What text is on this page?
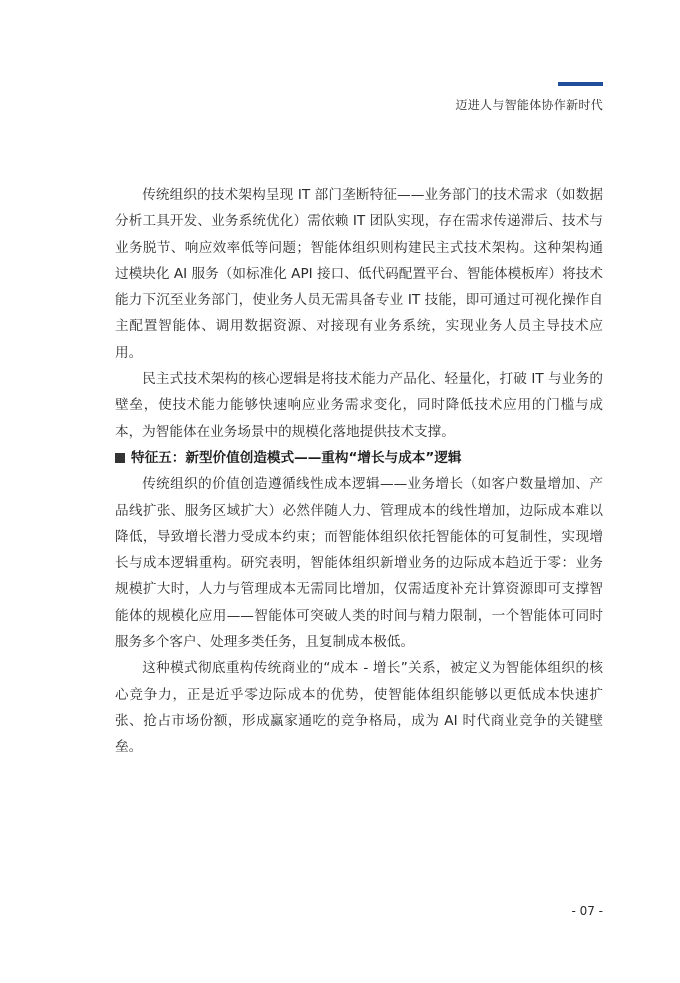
迈进人与智能体协作新时代

传统组织的技术架构呈现 IT 部门垄断特征——业务部门的技术需求（如数据分析工具开发、业务系统优化）需依赖 IT 团队实现，存在需求传递滞后、技术与业务脱节、响应效率低等问题；智能体组织则构建民主式技术架构。这种架构通过模块化 AI 服务（如标准化 API 接口、低代码配置平台、智能体模板库）将技术能力下沉至业务部门，使业务人员无需具备专业 IT 技能，即可通过可视化操作自主配置智能体、调用数据资源、对接现有业务系统，实现业务人员主导技术应用。

民主式技术架构的核心逻辑是将技术能力产品化、轻量化，打破 IT 与业务的壁垒，使技术能力能够快速响应业务需求变化，同时降低技术应用的门槛与成本，为智能体在业务场景中的规模化落地提供技术支撑。

特征五：新型价值创造模式——重构“增长与成本”逻辑

传统组织的价值创造遵循线性成本逻辑——业务增长（如客户数量增加、产品线扩张、服务区域扩大）必然伴随人力、管理成本的线性增加，边际成本难以降低，导致增长潜力受成本约束；而智能体组织依托智能体的可复制性，实现增长与成本逻辑重构。研究表明，智能体组织新增业务的边际成本趋近于零：业务规模扩大时，人力与管理成本无需同比增加，仅需适度补充计算资源即可支撑智能体的规模化应用——智能体可突破人类的时间与精力限制，一个智能体可同时服务多个客户、处理多类任务，且复制成本极低。

这种模式彻底重构传统商业的“成本 - 增长”关系，被定义为智能体组织的核心竞争力，正是近乎零边际成本的优势，使智能体组织能够以更低成本快速扩张、抢占市场份额，形成赢家通吃的竞争格局，成为 AI 时代商业竞争的关键壁垒。

- 07 -
